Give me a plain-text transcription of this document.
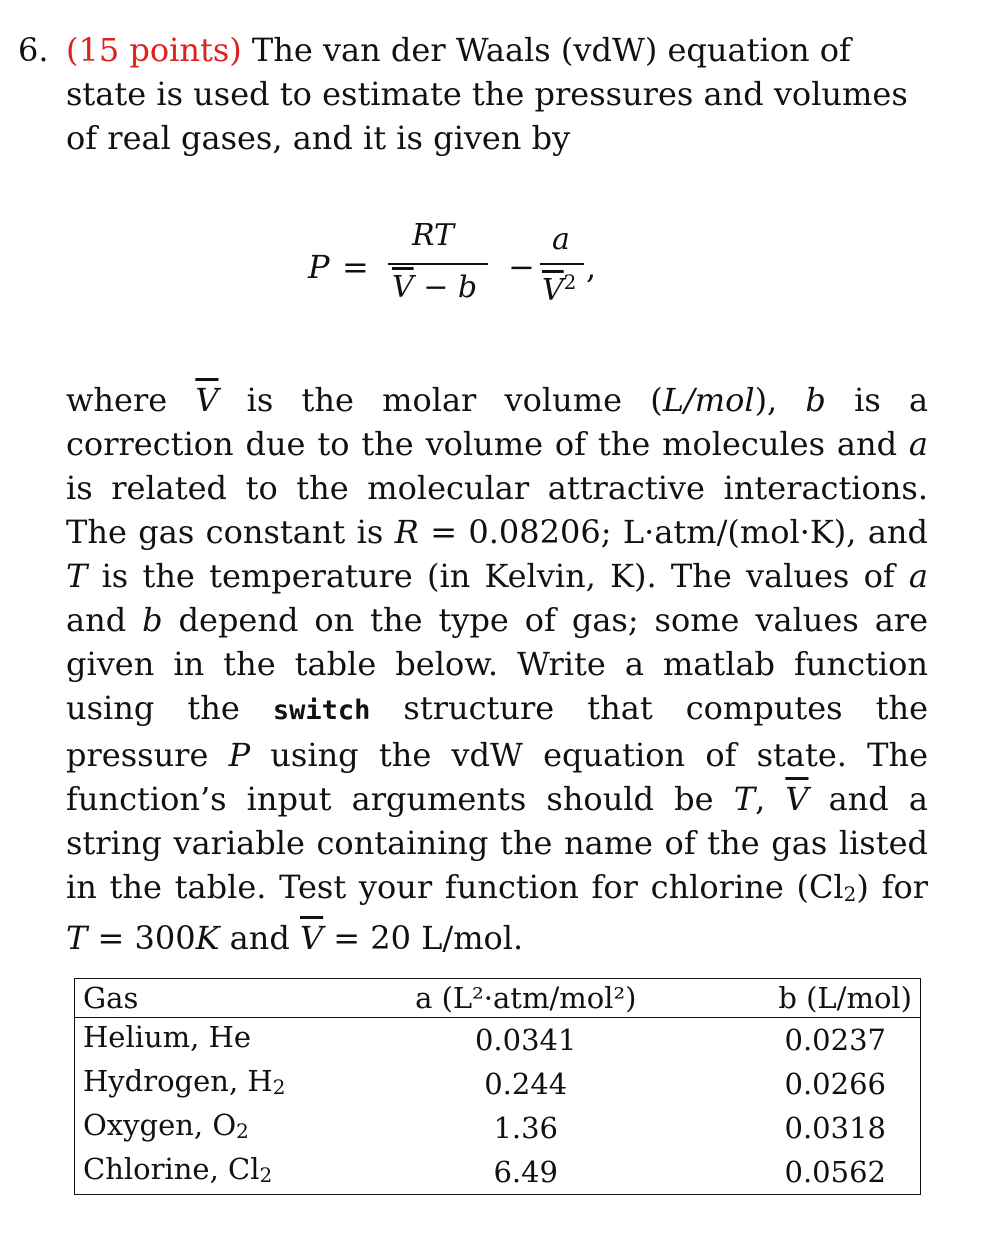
6. (15 points) The van der Waals (vdW) equation of state is used to estimate the pressures and volumes of real gases, and it is given by
P =
RT
$\overline{V} - b$
−
a
$\overline{V}^2$ ,
where $\overline{V}$ is the molar volume (L/mol), b is a correction due to the volume of the molecules and a is related to the molecular attractive interactions. The gas constant is R = 0.08206; L·atm/(mol·K), and T is the temperature (in Kelvin, K). The values of a and b depend on the type of gas; some values are given in the table below. Write a matlab function using the switch structure that computes the pressure P using the vdW equation of state. The function’s input arguments should be T, $\overline{V}$ and a string variable containing the name of the gas listed in the table. Test your function for chlorine $(Cl_2)$ for T = 300K and $\overline{V} = 20$ L/mol.
Gas	a (L²·atm/mol²)	b (L/mol)
Helium, He	0.0341	0.0237
Hydrogen, $H_2$	0.244	0.0266
Oxygen, $O_2$	1.36	0.0318
Chlorine, $Cl_2$	6.49	0.0562
